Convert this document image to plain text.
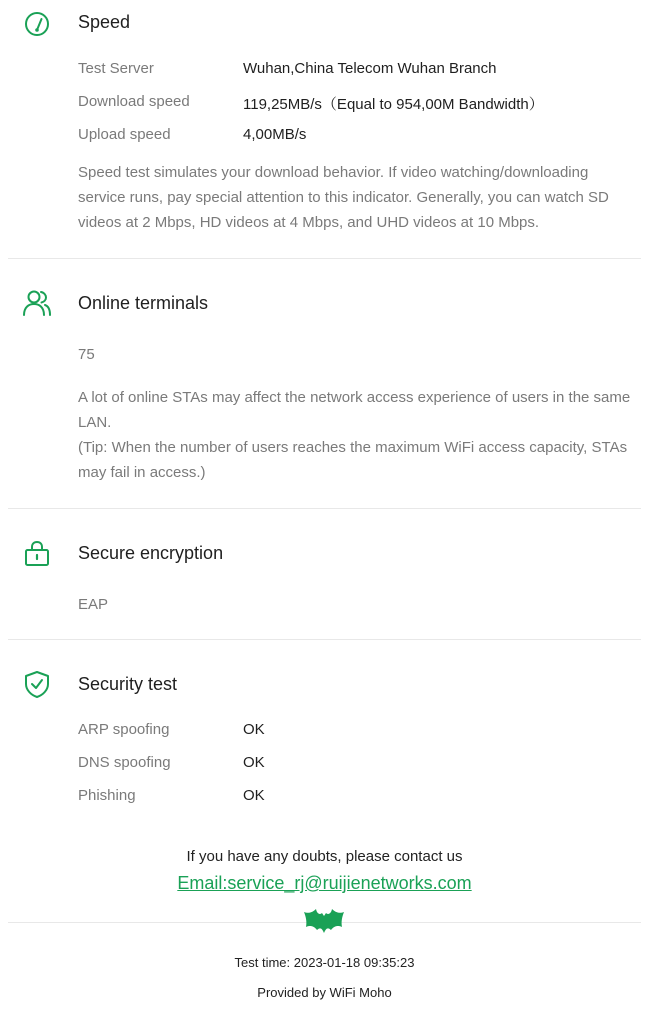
Speed
Test Server	Wuhan,China Telecom Wuhan Branch
Download speed	119,25MB/s（Equal to 954,00M Bandwidth）
Upload speed	4,00MB/s

Speed test simulates your download behavior. If video watching/downloading service runs, pay special attention to this indicator. Generally, you can watch SD videos at 2 Mbps, HD videos at 4 Mbps, and UHD videos at 10 Mbps.

Online terminals
75

A lot of online STAs may affect the network access experience of users in the same LAN.

(Tip: When the number of users reaches the maximum WiFi access capacity, STAs may fail in access.)

Secure encryption
EAP
Security test
ARP spoofing	OK
DNS spoofing	OK
Phishing	OK
If you have any doubts, please contact us
Email:service_rj@ruijienetworks.com
Test time: 2023-01-18 09:35:23
Provided by WiFi Moho
